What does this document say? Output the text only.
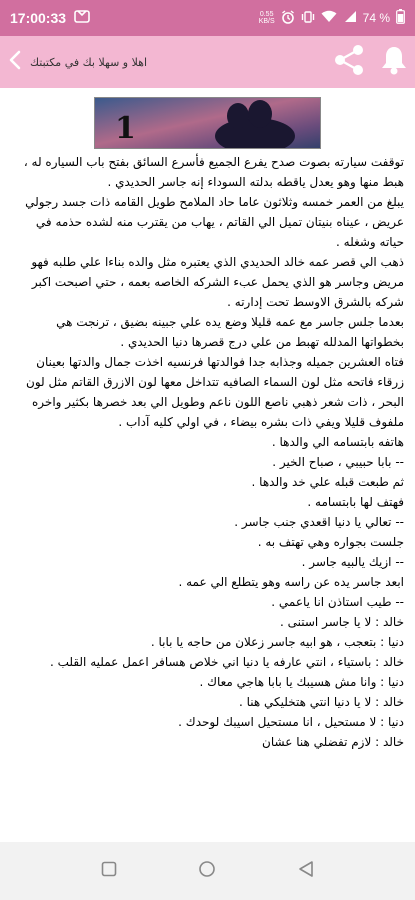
17:00:33	0.55
KB/S	74 %
اهلا و سهلا بك في مكتبتك
1

توقفت سيارته بصوت صدح يفرع الجميع فأسرع السائق بفتح باب السياره له ، هبط منها وهو يعدل ياقطه بدلته السوداء إنه جاسر الحديدي .

يبلغ من العمر خمسه وثلاثون عاما حاد الملامح طويل القامه ذات جسد رجولي عريض ، عيناه بنيتان تميل الي القاتم ، يهاب من يقترب منه لشده حذمه في حياته وشغله .

ذهب الي قصر عمه خالد الحديدي الذي يعتبره مثل والده بناءا علي طلبه فهو مريض وجاسر هو الذي يحمل عبء الشركه الخاصه بعمه ، حتي اصبحت اكبر شركه بالشرق الاوسط تحت إدارته .

بعدما جلس جاسر مع عمه قليلا وضع يده علي جبينه بضيق ، ترنجت هي بخطواتها المدلله تهبط من علي درج قصرها دنيا الحديدي .

فتاه العشرين جميله وجذابه جدا فوالدتها فرنسيه اخذت جمال والدتها بعينان زرقاء فاتحه مثل لون السماء الصافيه تتداخل معها لون الازرق القاتم مثل لون البحر ، ذات شعر ذهبي ناصع اللون ناعم وطويل الي بعد خصرها بكثير واخره ملفوف قليلا ويفي ذات بشره بيضاء ، في اولي كليه آداب .

هاتفه بابتسامه الي والدها .

-- بابا حبيبي ، صباح الخير .

ثم طبعت قبله علي خد والدها .

فهتف لها بابتسامه .

-- تعالي يا دنيا اقعدي جنب جاسر .

جلست بجواره وهي تهتف به .

-- ازيك يالبيه جاسر .

ابعد جاسر يده عن راسه وهو يتطلع الي عمه .

-- طيب استاذن انا ياعمي .

خالد : لا يا جاسر استنى .

دنيا : بتعجب ، هو ابيه جاسر زعلان من حاجه يا بابا .

خالد : باستياء ، انتي عارفه يا دنيا اني خلاص هسافر اعمل عمليه القلب .

دنيا : وانا مش هسيبك يا بابا هاجي معاك .

خالد : لا يا دنيا انتي هتخليكي هنا .

دنيا : لا مستحيل ، انا مستحيل اسيبك لوحدك .

خالد : لازم تفضلي هنا عشان
